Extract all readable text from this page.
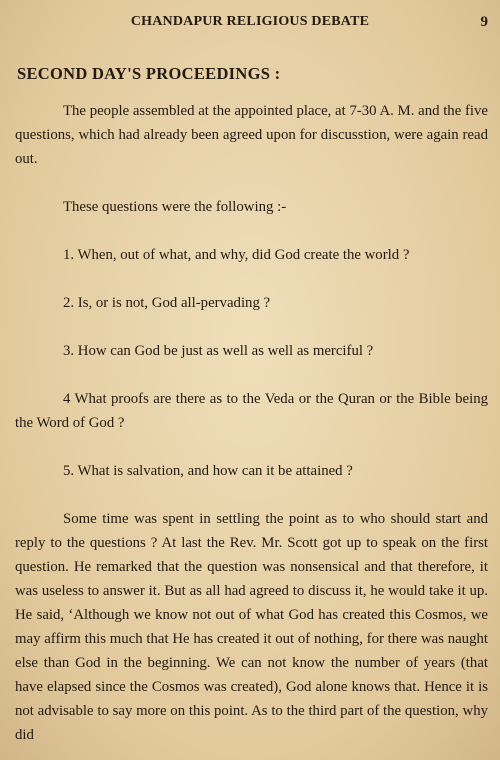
CHANDAPUR RELIGIOUS DEBATE	9
SECOND DAY'S PROCEEDINGS :

The people assembled at the appointed place, at 7-30 A. M. and the five questions, which had already been agreed upon for discusstion, were again read out.

These questions were the following :-

1. When, out of what, and why, did God create the world ?

2. Is, or is not, God all-pervading ?

3. How can God be just as well as well as merciful ?

4 What proofs are there as to the Veda or the Quran or the Bible being the Word of God ?

5. What is salvation, and how can it be attained ?

Some time was spent in settling the point as to who should start and reply to the questions ? At last the Rev. Mr. Scott got up to speak on the first question. He remarked that the question was nonsensical and that therefore, it was useless to answer it. But as all had agreed to discuss it, he would take it up. He said, ‘Although we know not out of what God has created this Cosmos, we may affirm this much that He has created it out of nothing, for there was naught else than God in the beginning. We can not know the number of years (that have elapsed since the Cosmos was created), God alone knows that. Hence it is not advisable to say more on this point. As to the third part of the question, why did
